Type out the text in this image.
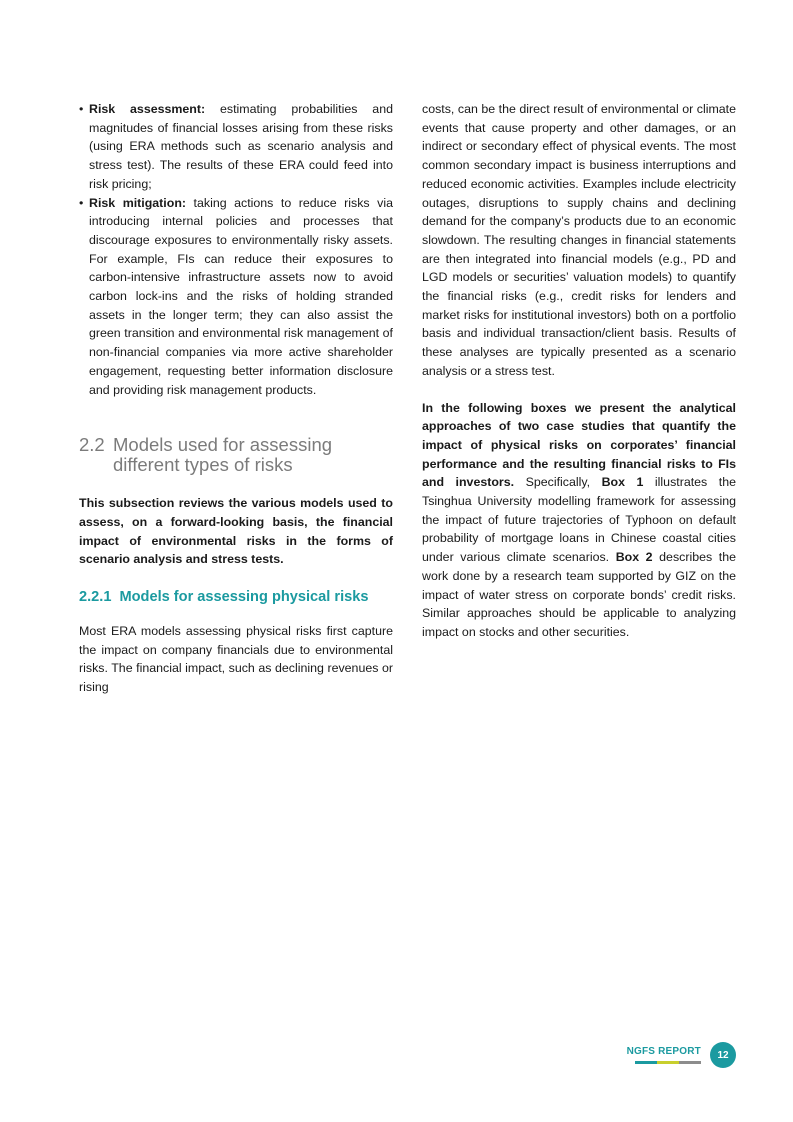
• Risk assessment: estimating probabilities and magnitudes of financial losses arising from these risks (using ERA methods such as scenario analysis and stress test). The results of these ERA could feed into risk pricing;
• Risk mitigation: taking actions to reduce risks via introducing internal policies and processes that discourage exposures to environmentally risky assets. For example, FIs can reduce their exposures to carbon-intensive infrastructure assets now to avoid carbon lock-ins and the risks of holding stranded assets in the longer term; they can also assist the green transition and environmental risk management of non-financial companies via more active shareholder engagement, requesting better information disclosure and providing risk management products.
2.2 Models used for assessing different types of risks

This subsection reviews the various models used to assess, on a forward-looking basis, the financial impact of environmental risks in the forms of scenario analysis and stress tests.

2.2.1 Models for assessing physical risks

Most ERA models assessing physical risks first capture the impact on company financials due to environmental risks. The financial impact, such as declining revenues or rising

costs, can be the direct result of environmental or climate events that cause property and other damages, or an indirect or secondary effect of physical events. The most common secondary impact is business interruptions and reduced economic activities. Examples include electricity outages, disruptions to supply chains and declining demand for the company’s products due to an economic slowdown. The resulting changes in financial statements are then integrated into financial models (e.g., PD and LGD models or securities’ valuation models) to quantify the financial risks (e.g., credit risks for lenders and market risks for institutional investors) both on a portfolio basis and individual transaction/client basis. Results of these analyses are typically presented as a scenario analysis or a stress test.

In the following boxes we present the analytical approaches of two case studies that quantify the impact of physical risks on corporates’ financial performance and the resulting financial risks to FIs and investors. Specifically, Box 1 illustrates the Tsinghua University modelling framework for assessing the impact of future trajectories of Typhoon on default probability of mortgage loans in Chinese coastal cities under various climate scenarios. Box 2 describes the work done by a research team supported by GIZ on the impact of water stress on corporate bonds’ credit risks. Similar approaches should be applicable to analyzing impact on stocks and other securities.

NGFS REPORT	12
